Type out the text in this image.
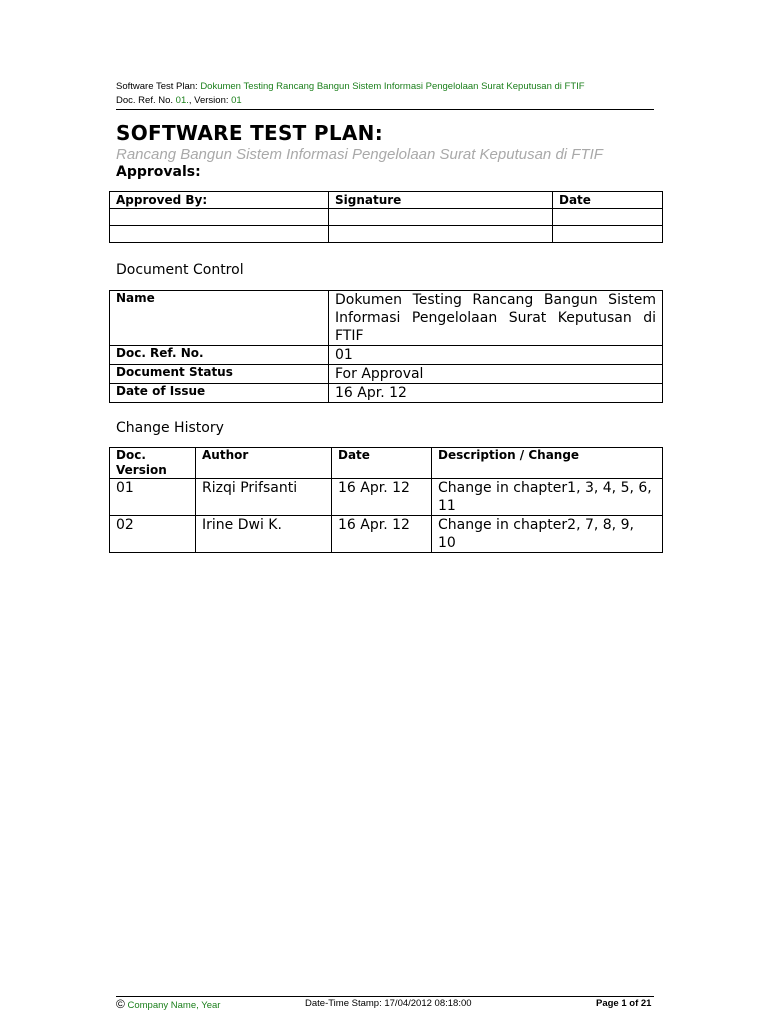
Software Test Plan: Dokumen Testing Rancang Bangun Sistem Informasi Pengelolaan Surat Keputusan di FTIF
Doc. Ref. No. 01., Version: 01
SOFTWARE TEST PLAN:
Rancang Bangun Sistem Informasi Pengelolaan Surat Keputusan di FTIF
Approvals:
Approved By:	Signature	Date

Document Control
Name	Dokumen Testing Rancang Bangun Sistem Informasi Pengelolaan Surat Keputusan di FTIF
Doc. Ref. No.	01
Document Status	For Approval
Date of Issue	16 Apr. 12
Change History
Doc. Version	Author	Date	Description / Change
01	Rizqi Prifsanti	16 Apr. 12	Change in chapter1, 3, 4, 5, 6, 11
02	Irine Dwi K.	16 Apr. 12	Change in chapter2, 7, 8, 9, 10
© Company Name, Year	Date-Time Stamp: 17/04/2012 08:18:00	Page 1 of 21
